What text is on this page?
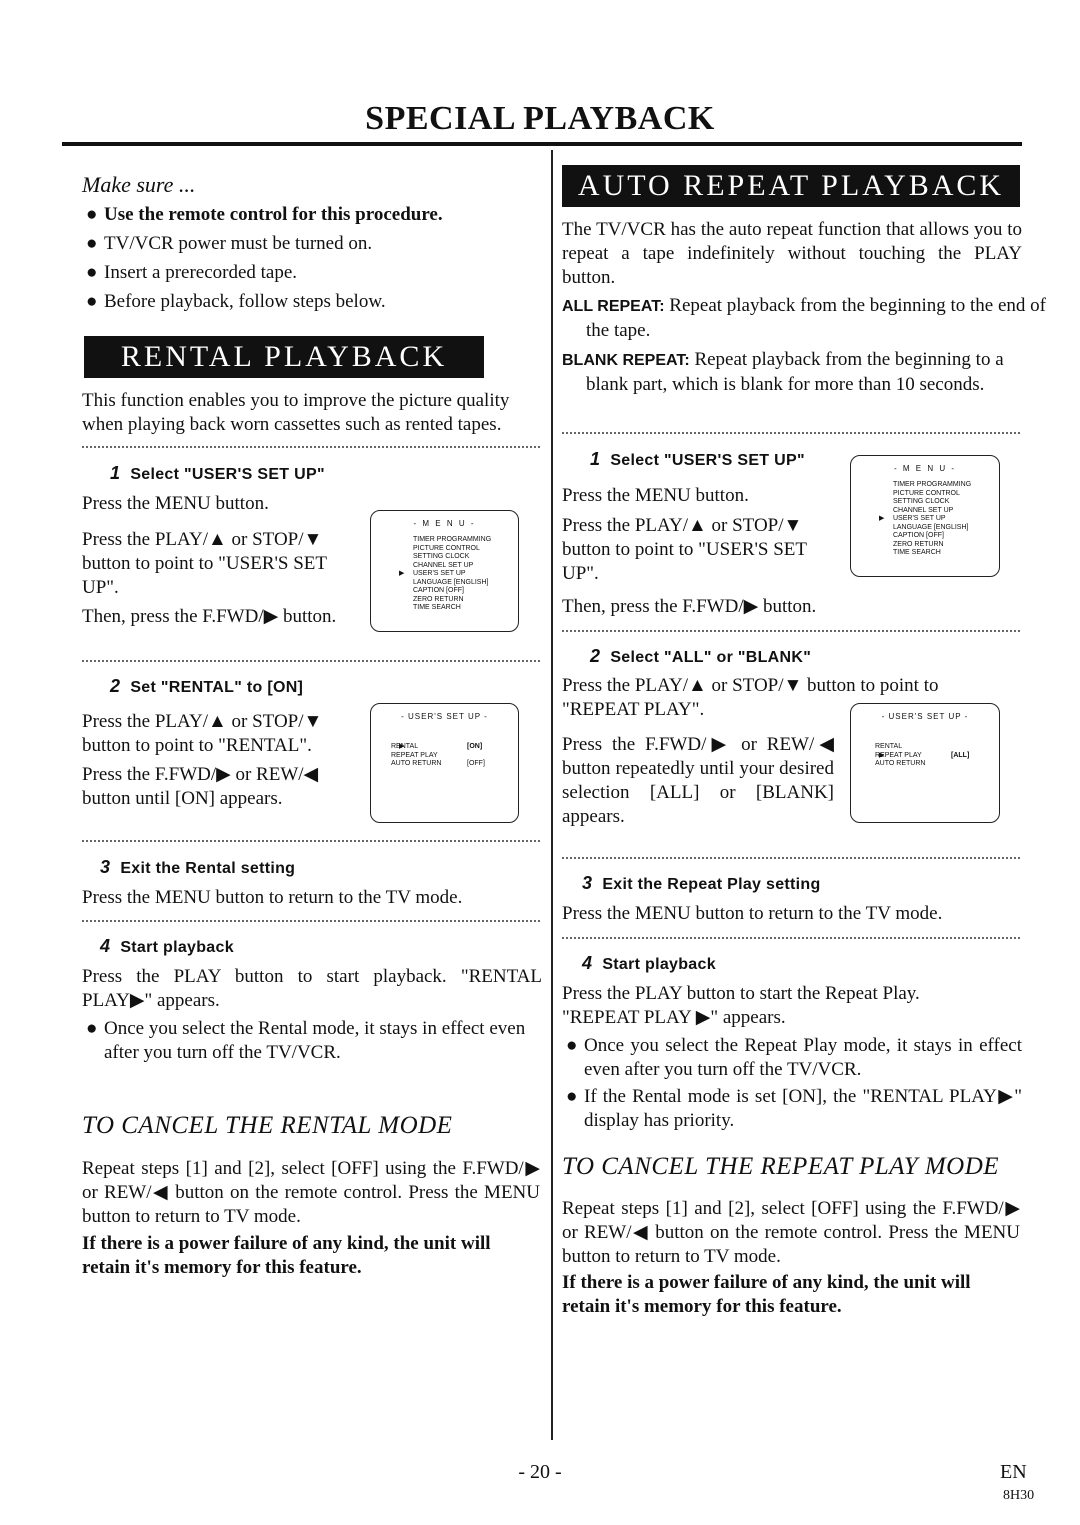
SPECIAL PLAYBACK
Make sure ...
● Use the remote control for this procedure.
● TV/VCR power must be turned on.
● Insert a prerecorded tape.
● Before playback, follow steps below.
RENTAL PLAYBACK
This function enables you to improve the picture quality when playing back worn cassettes such as rented tapes.
1 Select "USER'S SET UP"
Press the MENU button.
Press the PLAY/▲ or STOP/▼ button to point to "USER'S SET UP".
Then, press the F.FWD/▶ button.
- M E N U -
TIMER PROGRAMMING
PICTURE CONTROL
SETTING CLOCK
CHANNEL SET UP
▶ USER'S SET UP
LANGUAGE [ENGLISH]
CAPTION [OFF]
ZERO RETURN
TIME SEARCH
2 Set "RENTAL" to [ON]
Press the PLAY/▲ or STOP/▼ button to point to "RENTAL".
Press the F.FWD/▶ or REW/◀ button until [ON] appears.
- USER'S SET UP -
▶ RENTAL	[ON]
REPEAT PLAY
AUTO RETURN	[OFF]
3 Exit the Rental setting
Press the MENU button to return to the TV mode.
4 Start playback
Press the PLAY button to start playback. "RENTAL PLAY▶" appears.
● Once you select the Rental mode, it stays in effect even after you turn off the TV/VCR.
TO CANCEL THE RENTAL MODE
Repeat steps [1] and [2], select [OFF] using the F.FWD/▶ or REW/◀ button on the remote control. Press the MENU button to return to TV mode.
If there is a power failure of any kind, the unit will retain it's memory for this feature.
AUTO REPEAT PLAYBACK
The TV/VCR has the auto repeat function that allows you to repeat a tape indefinitely without touching the PLAY button.
ALL REPEAT: Repeat playback from the beginning to the end of the tape.
BLANK REPEAT: Repeat playback from the beginning to a blank part, which is blank for more than 10 seconds.
1 Select "USER'S SET UP"
Press the MENU button.
Press the PLAY/▲ or STOP/▼ button to point to "USER'S SET UP".
Then, press the F.FWD/▶ button.
- M E N U -
TIMER PROGRAMMING
PICTURE CONTROL
SETTING CLOCK
CHANNEL SET UP
▶ USER'S SET UP
LANGUAGE [ENGLISH]
CAPTION [OFF]
ZERO RETURN
TIME SEARCH
2 Select "ALL" or "BLANK"
Press the PLAY/▲ or STOP/▼ button to point to "REPEAT PLAY".
Press the F.FWD/▶ or REW/◀ button repeatedly until your desired selection [ALL] or [BLANK] appears.
- USER'S SET UP -
RENTAL
▶ REPEAT PLAY	[ALL]
AUTO RETURN
3 Exit the Repeat Play setting
Press the MENU button to return to the TV mode.
4 Start playback
Press the PLAY button to start the Repeat Play. "REPEAT PLAY ▶" appears.
● Once you select the Repeat Play mode, it stays in effect even after you turn off the TV/VCR.
● If the Rental mode is set [ON], the "RENTAL PLAY▶" display has priority.
TO CANCEL THE REPEAT PLAY MODE
Repeat steps [1] and [2], select [OFF] using the F.FWD/▶ or REW/◀ button on the remote control. Press the MENU button to return to TV mode.
If there is a power failure of any kind, the unit will retain it's memory for this feature.
- 20 -	EN
8H30
